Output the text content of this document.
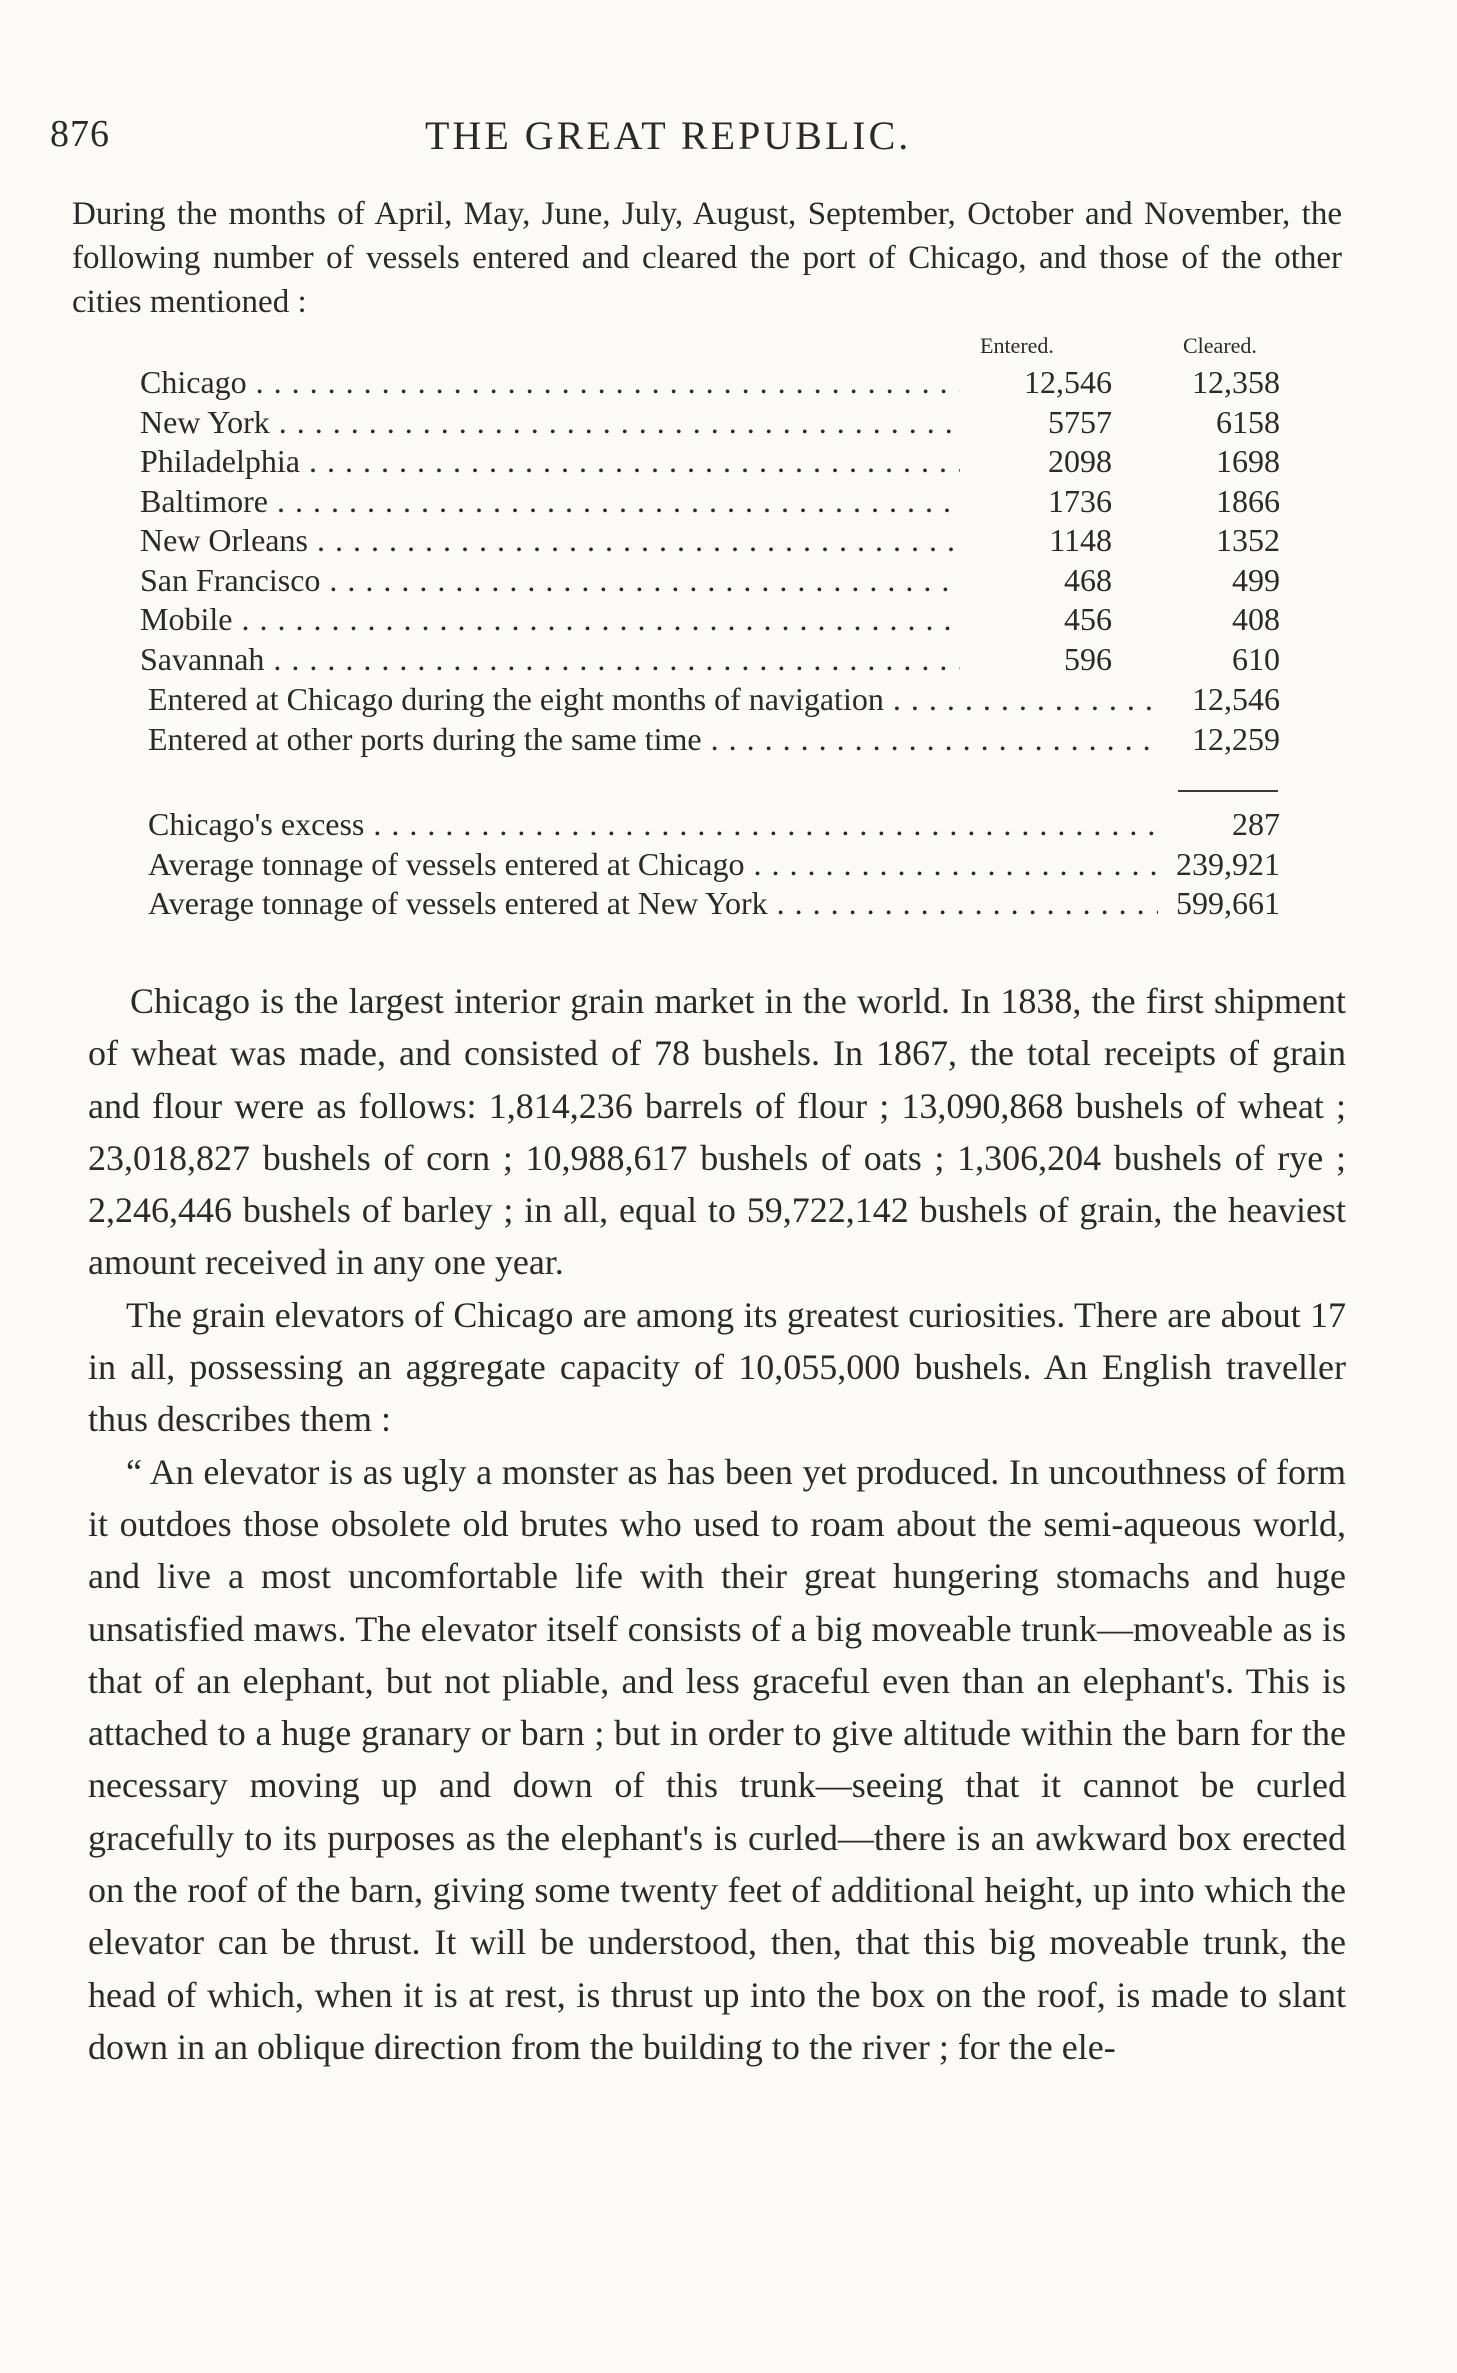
876	THE GREAT REPUBLIC.

During the months of April, May, June, July, August, September, October and November, the following number of vessels entered and cleared the port of Chicago, and those of the other cities mentioned :

Entered.	Cleared.
Chicago . . .	12,546	12,358
New York . . .	5757	6158
Philadelphia . . .	2098	1698
Baltimore . . .	1736	1866
New Orleans . . .	1148	1352
San Francisco . . .	468	499
Mobile . . .	456	408
Savannah . . .	596	610
Entered at Chicago during the eight months of navigation . . .	12,546
Entered at other ports during the same time . . .	12,259
Chicago's excess . . .	287
Average tonnage of vessels entered at Chicago . . .	239,921
Average tonnage of vessels entered at New York . . .	599,661

Chicago is the largest interior grain market in the world. In 1838, the first shipment of wheat was made, and consisted of 78 bushels. In 1867, the total receipts of grain and flour were as follows: 1,814,236 barrels of flour ; 13,090,868 bushels of wheat ; 23,018,827 bushels of corn ; 10,988,617 bushels of oats ; 1,306,204 bushels of rye ; 2,246,446 bushels of barley ; in all, equal to 59,722,142 bushels of grain, the heaviest amount received in any one year.

The grain elevators of Chicago are among its greatest curiosities. There are about 17 in all, possessing an aggregate capacity of 10,055,000 bushels. An English traveller thus describes them :

“ An elevator is as ugly a monster as has been yet produced. In uncouthness of form it outdoes those obsolete old brutes who used to roam about the semi-aqueous world, and live a most uncomfortable life with their great hungering stomachs and huge unsatisfied maws. The elevator itself consists of a big moveable trunk—moveable as is that of an elephant, but not pliable, and less graceful even than an elephant's. This is attached to a huge granary or barn ; but in order to give altitude within the barn for the necessary moving up and down of this trunk—seeing that it cannot be curled gracefully to its purposes as the elephant's is curled—there is an awkward box erected on the roof of the barn, giving some twenty feet of additional height, up into which the elevator can be thrust. It will be understood, then, that this big moveable trunk, the head of which, when it is at rest, is thrust up into the box on the roof, is made to slant down in an oblique direction from the building to the river ; for the ele-
